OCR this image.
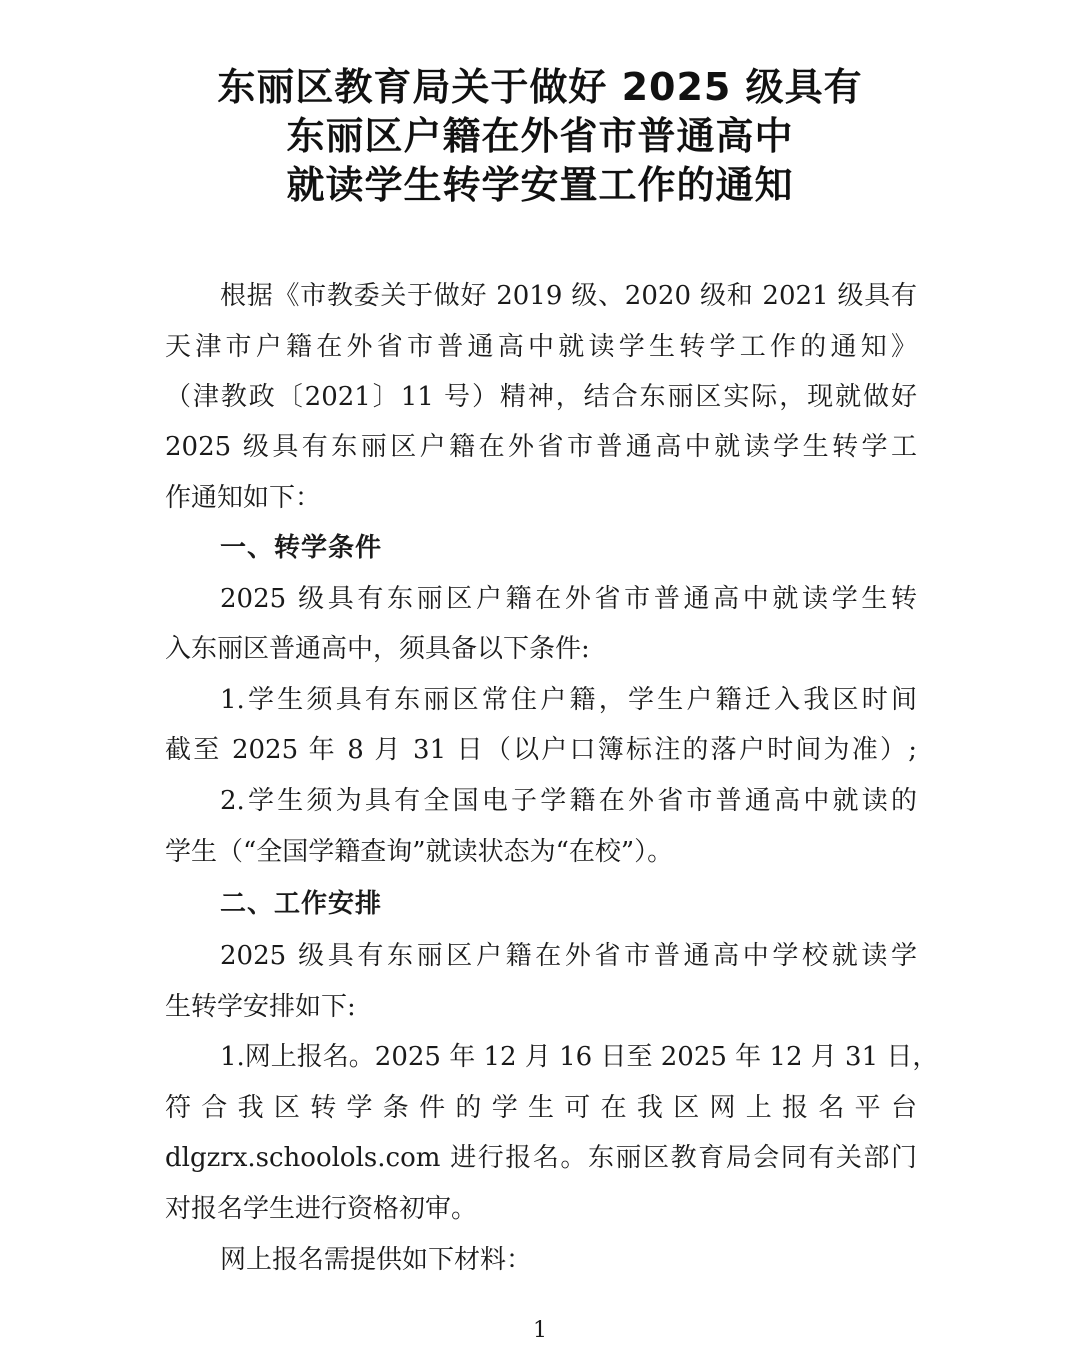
东丽区教育局关于做好 2025 级具有
东丽区户籍在外省市普通高中
就读学生转学安置工作的通知
根据《市教委关于做好 2019 级、2020 级和 2021 级具有
天津市户籍在外省市普通高中就读学生转学工作的通知》
（津教政〔2021〕11 号）精神，结合东丽区实际，现就做好
2025 级具有东丽区户籍在外省市普通高中就读学生转学工
作通知如下：
一、转学条件
2025 级具有东丽区户籍在外省市普通高中就读学生转
入东丽区普通高中，须具备以下条件:
1.学生须具有东丽区常住户籍，学生户籍迁入我区时间
截至 2025 年 8 月 31 日（以户口簿标注的落户时间为准）;
2.学生须为具有全国电子学籍在外省市普通高中就读的
学生（“全国学籍查询”就读状态为“在校”）。
二、工作安排
2025 级具有东丽区户籍在外省市普通高中学校就读学
生转学安排如下:
1.网上报名。2025 年 12 月 16 日至 2025 年 12 月 31 日，
符合我区转学条件的学生可在我区网上报名平台
dlgzrx.schoolols.com 进行报名。东丽区教育局会同有关部门
对报名学生进行资格初审。
网上报名需提供如下材料：
1
